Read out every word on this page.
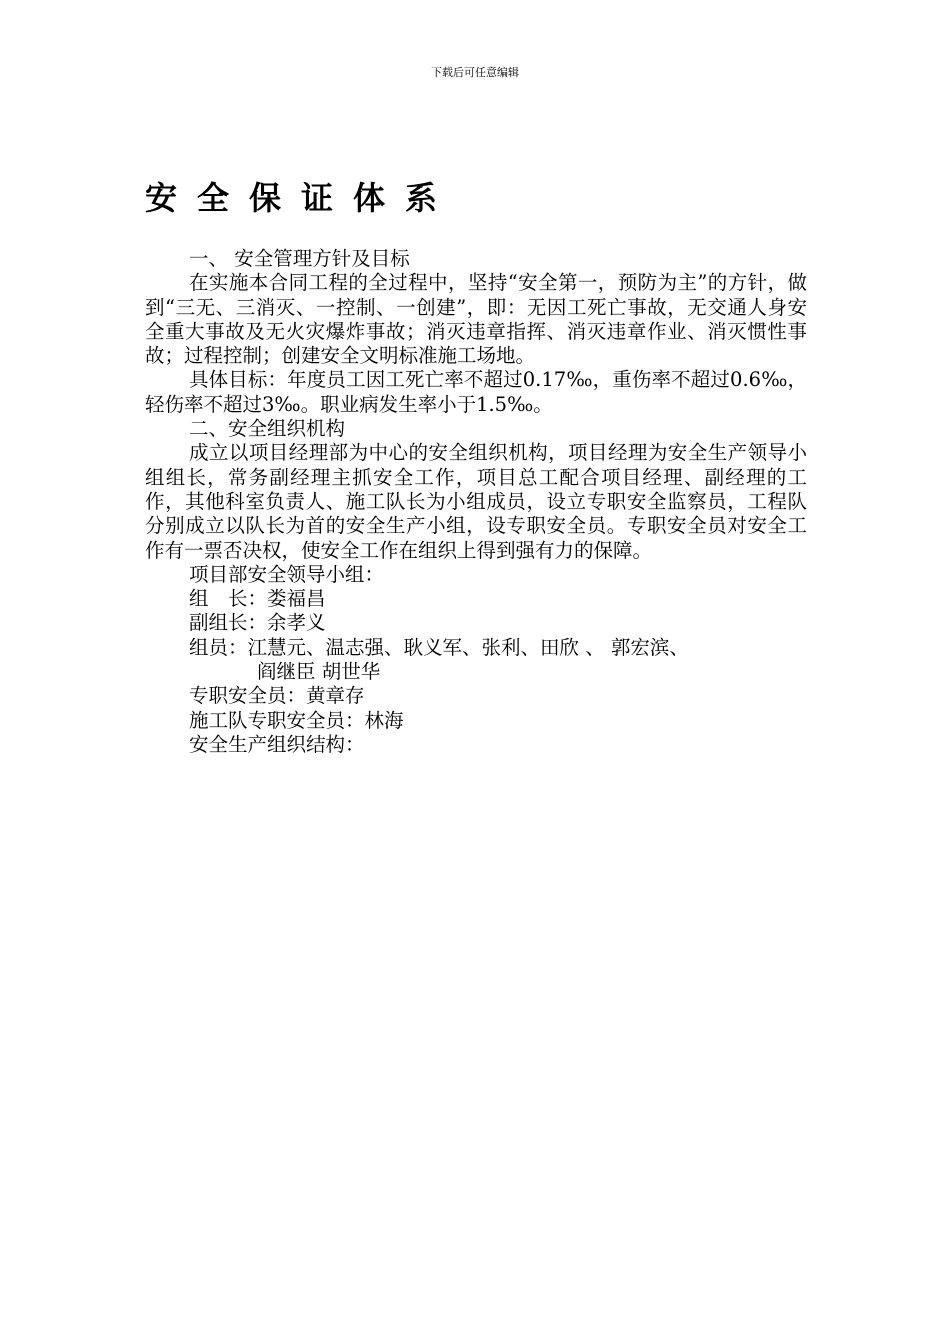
下载后可任意编辑
安全保证体系

一、 安全管理方针及目标

在实施本合同工程的全过程中，坚持“安全第一，预防为主”的方针，做到“三无、三消灭、一控制、一创建”，即：无因工死亡事故，无交通人身安全重大事故及无火灾爆炸事故；消灭违章指挥、消灭违章作业、消灭惯性事故；过程控制；创建安全文明标准施工场地。

具体目标：年度员工因工死亡率不超过0.17‰，重伤率不超过0.6‰，轻伤率不超过3‰。职业病发生率小于1.5‰。

二、安全组织机构

成立以项目经理部为中心的安全组织机构，项目经理为安全生产领导小组组长，常务副经理主抓安全工作，项目总工配合项目经理、副经理的工作，其他科室负责人、施工队长为小组成员，设立专职安全监察员，工程队分别成立以队长为首的安全生产小组，设专职安全员。专职安全员对安全工作有一票否决权，使安全工作在组织上得到强有力的保障。

项目部安全领导小组：

组　长：娄福昌

副组长：余孝义

组员：江慧元、温志强、耿义军、张利、田欣 、 郭宏滨、

阎继臣 胡世华

专职安全员：黄章存

施工队专职安全员：林海

安全生产组织结构：
